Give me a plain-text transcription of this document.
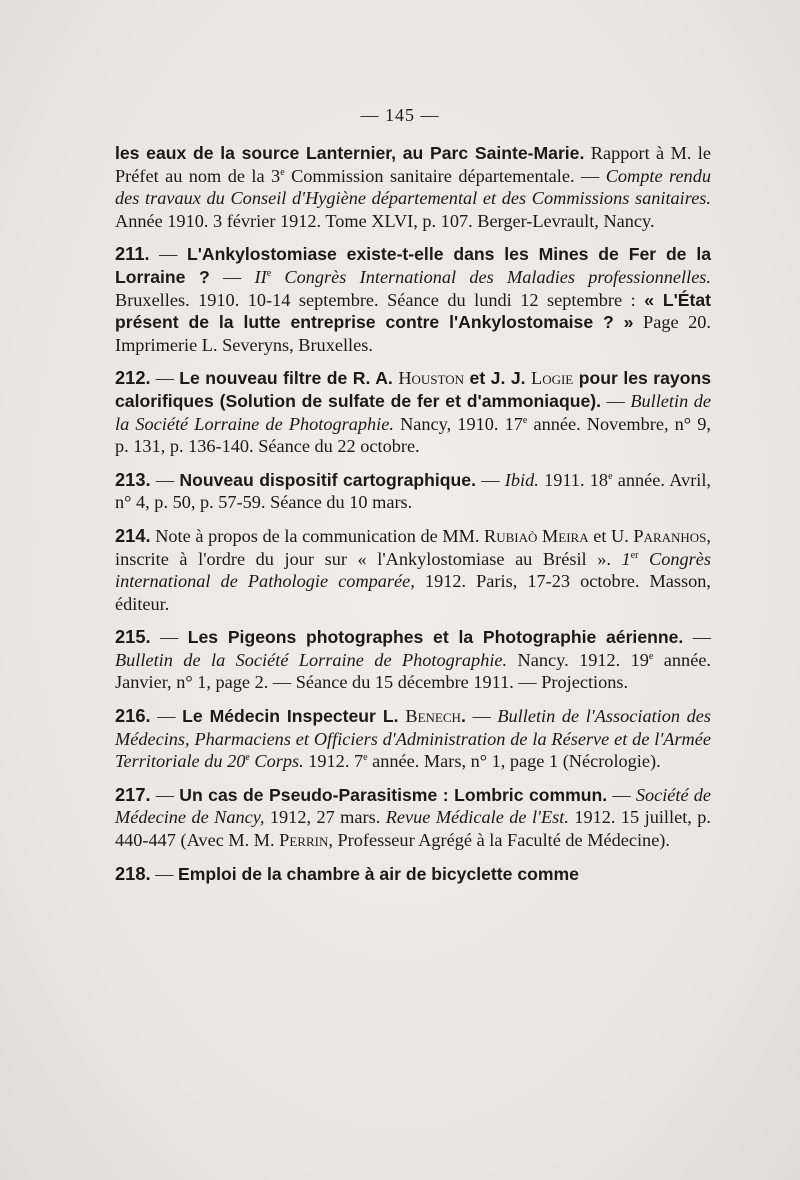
— 145 —

les eaux de la source Lanternier, au Parc Sainte-Marie. Rapport à M. le Préfet au nom de la 3e Commission sanitaire départementale. — Compte rendu des travaux du Conseil d'Hygiène départemental et des Commissions sanitaires. Année 1910. 3 février 1912. Tome XLVI, p. 107. Berger-Levrault, Nancy.

211. — L'Ankylostomiase existe-t-elle dans les Mines de Fer de la Lorraine ? — IIe Congrès International des Maladies professionnelles. Bruxelles. 1910. 10-14 septembre. Séance du lundi 12 septembre : « L'État présent de la lutte entreprise contre l'Ankylostomaise ? » Page 20. Imprimerie L. Severyns, Bruxelles.

212. — Le nouveau filtre de R. A. Houston et J. J. Logie pour les rayons calorifiques (Solution de sulfate de fer et d'ammoniaque). — Bulletin de la Société Lorraine de Photographie. Nancy, 1910. 17e année. Novembre, n° 9, p. 131, p. 136-140. Séance du 22 octobre.

213. — Nouveau dispositif cartographique. — Ibid. 1911. 18e année. Avril, n° 4, p. 50, p. 57-59. Séance du 10 mars.

214. Note à propos de la communication de MM. Rubiaò Meira et U. Paranhos, inscrite à l'ordre du jour sur « l'Ankylostomiase au Brésil ». 1er Congrès international de Pathologie comparée, 1912. Paris, 17-23 octobre. Masson, éditeur.

215. — Les Pigeons photographes et la Photographie aérienne. — Bulletin de la Société Lorraine de Photographie. Nancy. 1912. 19e année. Janvier, n° 1, page 2. — Séance du 15 décembre 1911. — Projections.

216. — Le Médecin Inspecteur L. Benech. — Bulletin de l'Association des Médecins, Pharmaciens et Officiers d'Administration de la Réserve et de l'Armée Territoriale du 20e Corps. 1912. 7e année. Mars, n° 1, page 1 (Nécrologie).

217. — Un cas de Pseudo-Parasitisme : Lombric commun. — Société de Médecine de Nancy, 1912, 27 mars. Revue Médicale de l'Est. 1912. 15 juillet, p. 440-447 (Avec M. M. Perrin, Professeur Agrégé à la Faculté de Médecine).

218. — Emploi de la chambre à air de bicyclette comme
